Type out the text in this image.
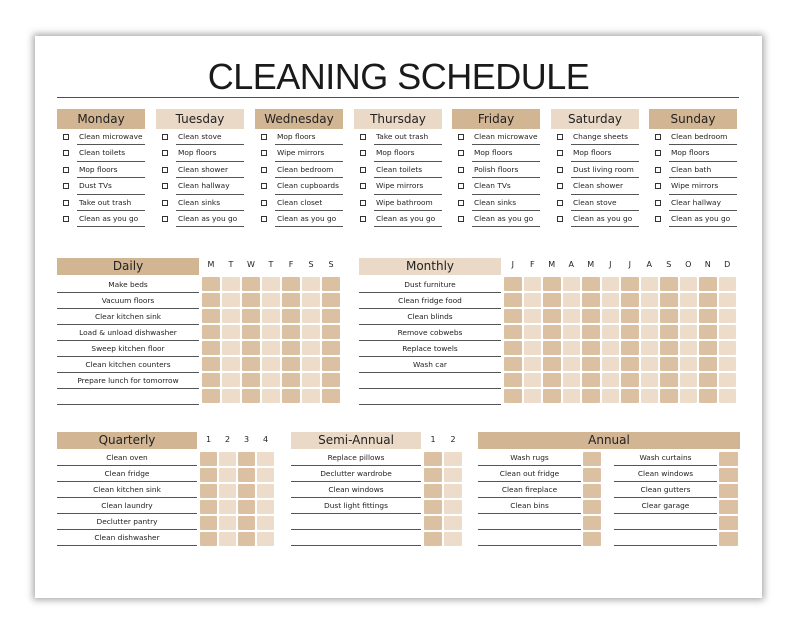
CLEANING SCHEDULE
Monday
Clean microwave
Clean toilets
Mop floors
Dust TVs
Take out trash
Clean as you go
Tuesday
Clean stove
Mop floors
Clean shower
Clean hallway
Clean sinks
Clean as you go
Wednesday
Mop floors
Wipe mirrors
Clean bedroom
Clean cupboards
Clean closet
Clean as you go
Thursday
Take out trash
Mop floors
Clean toilets
Wipe mirrors
Wipe bathroom
Clean as you go
Friday
Clean microwave
Mop floors
Polish floors
Clean TVs
Clean sinks
Clean as you go
Saturday
Change sheets
Mop floors
Dust living room
Clean shower
Clean stove
Clean as you go
Sunday
Clean bedroom
Mop floors
Clean bath
Wipe mirrors
Clear hallway
Clean as you go
Daily	M	T	W	T	F	S	S
Make beds
Vacuum floors
Clear kitchen sink
Load & unload dishwasher
Sweep kitchen floor
Clean kitchen counters
Prepare lunch for tomorrow
Monthly	J	F	M	A	M	J	J	A	S	O	N	D
Dust furniture
Clean fridge food
Clean blinds
Remove cobwebs
Replace towels
Wash car
Quarterly	1	2	3	4
Clean oven
Clean fridge
Clean kitchen sink
Clean laundry
Declutter pantry
Clean dishwasher
Semi-Annual	1	2
Replace pillows
Declutter wardrobe
Clean windows
Dust light fittings
Annual
Wash rugs
Clean out fridge
Clean fireplace
Clean bins
Wash curtains
Clean windows
Clean gutters
Clear garage
